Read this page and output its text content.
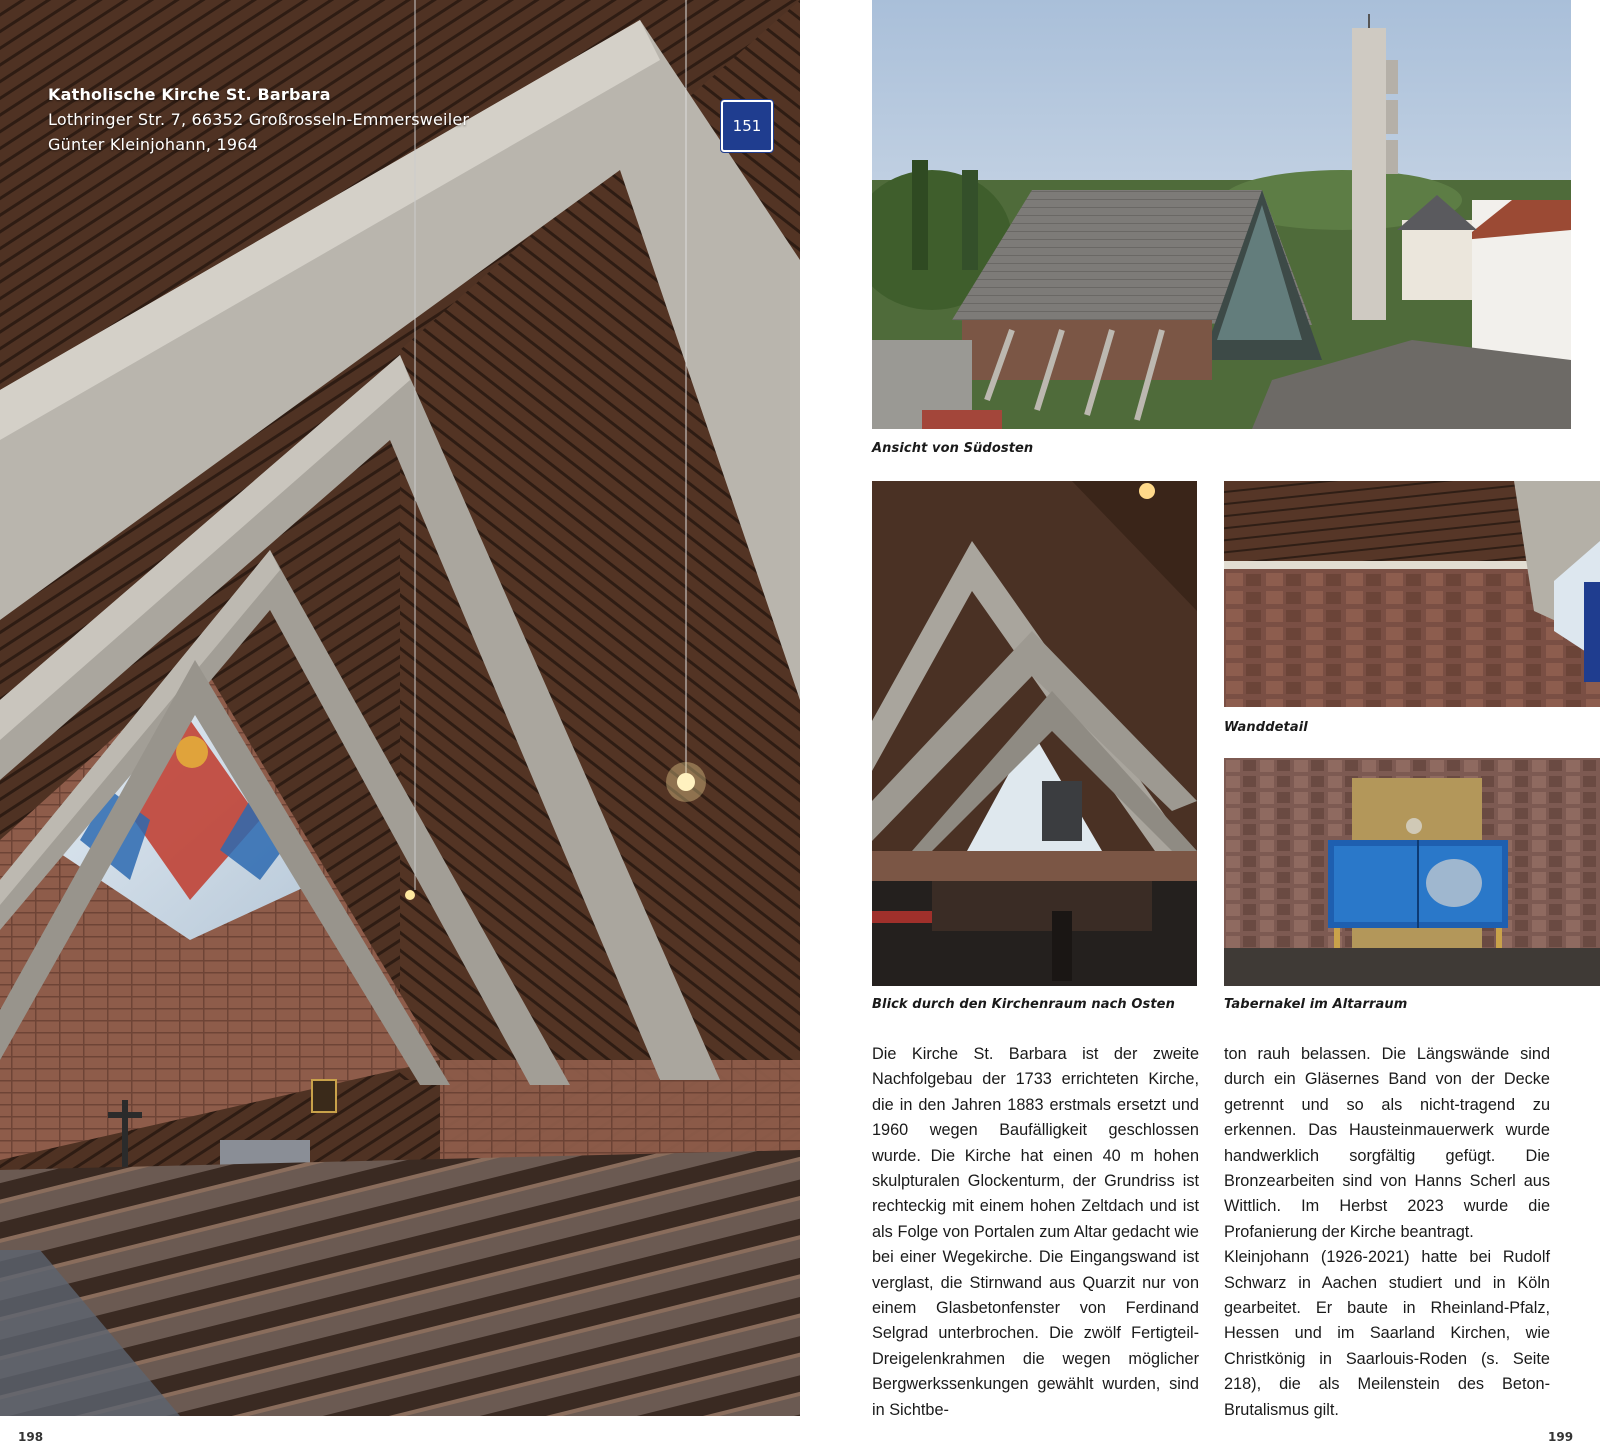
Katholische Kirche St. Barbara
Lothringer Str. 7, 66352 Großrosseln-Emmersweiler
Günter Kleinjohann, 1964
151
Ansicht von Südosten
Blick durch den Kirchenraum nach Osten
Wanddetail
Tabernakel im Altarraum
Die Kirche St. Barbara ist der zweite Nachfolgebau der 1733 errichteten Kirche, die in den Jahren 1883 erstmals ersetzt und 1960 wegen Baufälligkeit geschlossen wurde. Die Kirche hat einen 40 m hohen skulpturalen Glockenturm, der Grundriss ist rechteckig mit einem hohen Zeltdach und ist als Folge von Portalen zum Altar gedacht wie bei einer Wegekirche. Die Eingangswand ist verglast, die Stirnwand aus Quarzit nur von einem Glasbetonfenster von Ferdinand Selgrad unterbrochen. Die zwölf Fertigteil-Dreigelenkrahmen die wegen möglicher Bergwerkssenkungen gewählt wurden, sind in Sichtbe-
ton rauh belassen. Die Längswände sind durch ein Gläsernes Band von der Decke getrennt und so als nicht-tragend zu erkennen. Das Hausteinmauerwerk wurde handwerklich sorgfältig gefügt. Die Bronzearbeiten sind von Hanns Scherl aus Wittlich. Im Herbst 2023 wurde die Profanierung der Kirche beantragt.
Kleinjohann (1926-2021) hatte bei Rudolf Schwarz in Aachen studiert und in Köln gearbeitet. Er baute in Rheinland-Pfalz, Hessen und im Saarland Kirchen, wie Christkönig in Saarlouis-Roden (s. Seite 218), die als Meilenstein des Beton-Brutalismus gilt.
198	199
